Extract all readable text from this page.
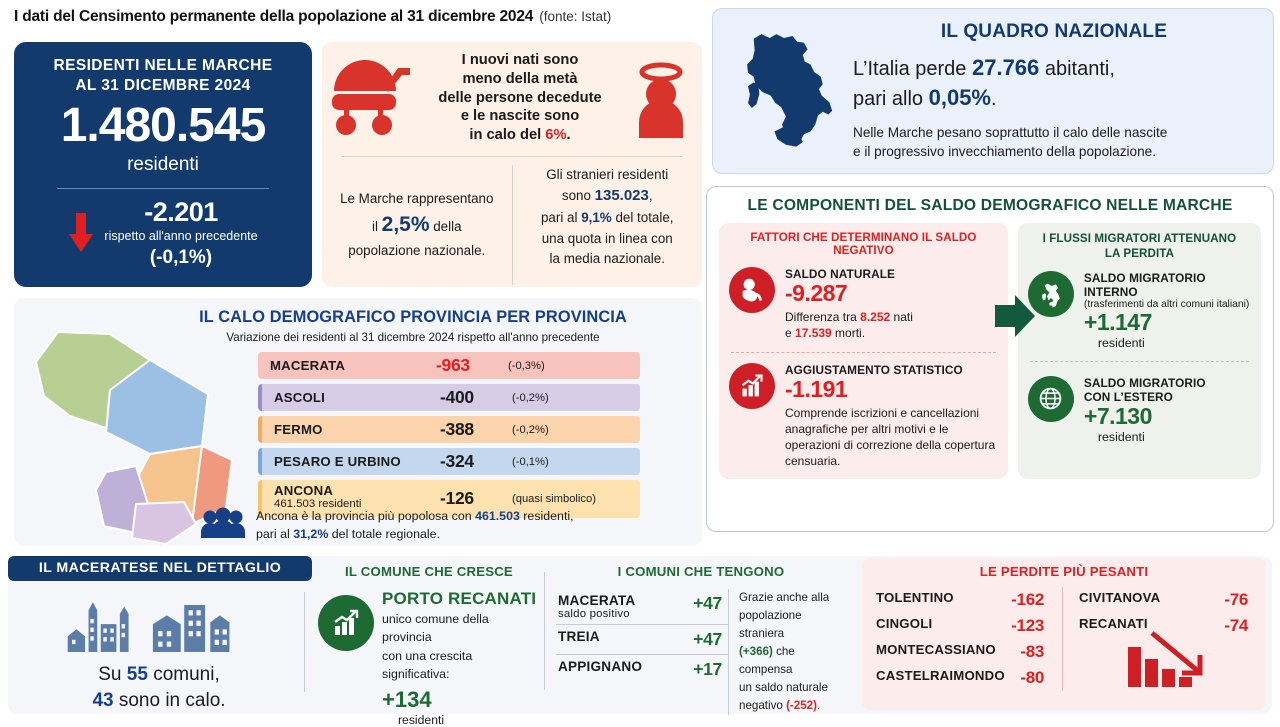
I dati del Censimento permanente della popolazione al 31 dicembre 2024 (fonte: Istat)
RESIDENTI NELLE MARCHE
AL 31 DICEMBRE 2024
1.480.545
residenti
-2.201
rispetto all'anno precedente
(-0,1%)
I nuovi nati sono
meno della metà
delle persone decedute
e le nascite sono
in calo del 6%.
Le Marche rappresentano
il 2,5% della
popolazione nazionale.
Gli stranieri residenti
sono 135.023,
pari al 9,1% del totale,
una quota in linea con
la media nazionale.
IL QUADRO NAZIONALE
L’Italia perde 27.766 abitanti,
pari allo 0,05%.
Nelle Marche pesano soprattutto il calo delle nascite
e il progressivo invecchiamento della popolazione.
LE COMPONENTI DEL SALDO DEMOGRAFICO NELLE MARCHE
FATTORI CHE DETERMINANO IL SALDO NEGATIVO
SALDO NATURALE
-9.287
Differenza tra 8.252 nati
e 17.539 morti.
AGGIUSTAMENTO STATISTICO
-1.191
Comprende iscrizioni e cancellazioni anagrafiche per altri motivi e le operazioni di correzione della copertura censuaria.
I FLUSSI MIGRATORI ATTENUANO
LA PERDITA
SALDO MIGRATORIO INTERNO
(trasferimenti da altri comuni italiani)
+1.147
residenti
SALDO MIGRATORIO
CON L’ESTERO
+7.130
residenti
IL CALO DEMOGRAFICO PROVINCIA PER PROVINCIA
Variazione dei residenti al 31 dicembre 2024 rispetto all'anno precedente
MACERATA	-963	(-0,3%)
ASCOLI	-400	(-0,2%)
FERMO	-388	(-0,2%)
PESARO E URBINO -324	(-0,1%)
ANCONA
461.503 residenti	-126	(quasi simbolico)
Ancona è la provincia più popolosa con 461.503 residenti,
pari al 31,2% del totale regionale.
IL MACERATESE NEL DETTAGLIO
Su 55 comuni,
43 sono in calo.
IL COMUNE CHE CRESCE
PORTO RECANATI
unico comune della provincia
con una crescita significativa:
+134
residenti
I COMUNI CHE TENGONO
MACERATA
saldo positivo
+47
TREIA	+47
APPIGNANO	+17
Grazie anche alla
popolazione straniera
(+366) che compensa
un saldo naturale
negativo (-252).
LE PERDITE PIÙ PESANTI
TOLENTINO	-162
CINGOLI	-123
MONTECASSIANO -83
CASTELRAIMONDO -80
CIVITANOVA	-76
RECANATI	-74
